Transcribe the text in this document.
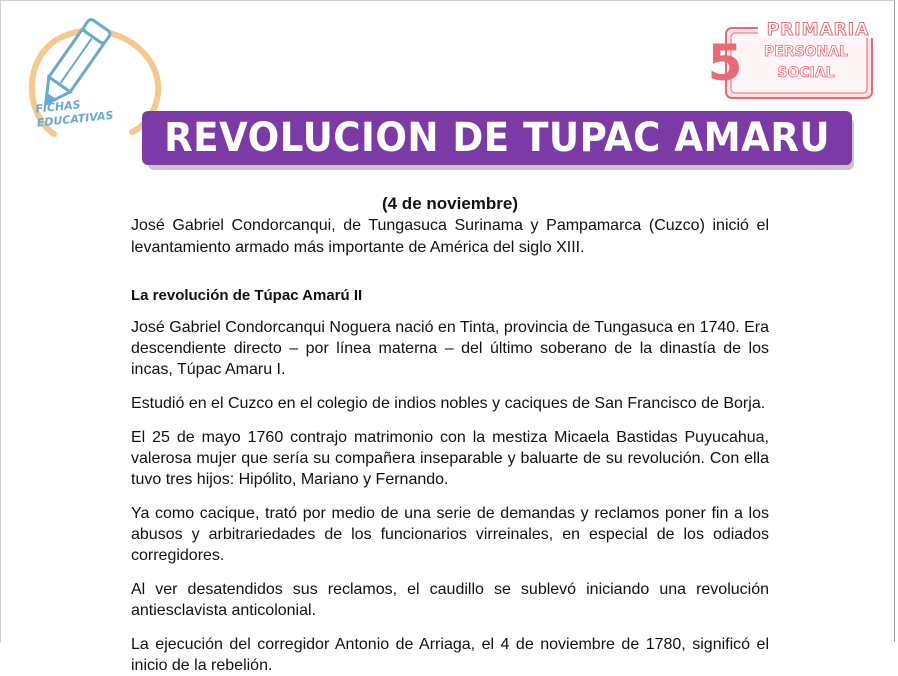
FICHAS EDUCATIVAS
PRIMARIA
5	PERSONAL
SOCIAL
REVOLUCION DE TUPAC AMARU

(4 de noviembre)

José Gabriel Condorcanqui, de Tungasuca Surinama y Pampamarca (Cuzco) inició el levantamiento armado más importante de América del siglo XIII.

La revolución de Túpac Amarú II

José Gabriel Condorcanqui Noguera nació en Tinta, provincia de Tungasuca en 1740. Era descendiente directo – por línea materna – del último soberano de la dinastía de los incas, Túpac Amaru I.

Estudió en el Cuzco en el colegio de indios nobles y caciques de San Francisco de Borja.

El 25 de mayo 1760 contrajo matrimonio con la mestiza Micaela Bastidas Puyucahua, valerosa mujer que sería su compañera inseparable y baluarte de su revolución. Con ella tuvo tres hijos: Hipólito, Mariano y Fernando.

Ya como cacique, trató por medio de una serie de demandas y reclamos poner fin a los abusos y arbitrariedades de los funcionarios virreinales, en especial de los odiados corregidores.

Al ver desatendidos sus reclamos, el caudillo se sublevó iniciando una revolución antiesclavista anticolonial.

La ejecución del corregidor Antonio de Arriaga, el 4 de noviembre de 1780, significó el inicio de la rebelión.
